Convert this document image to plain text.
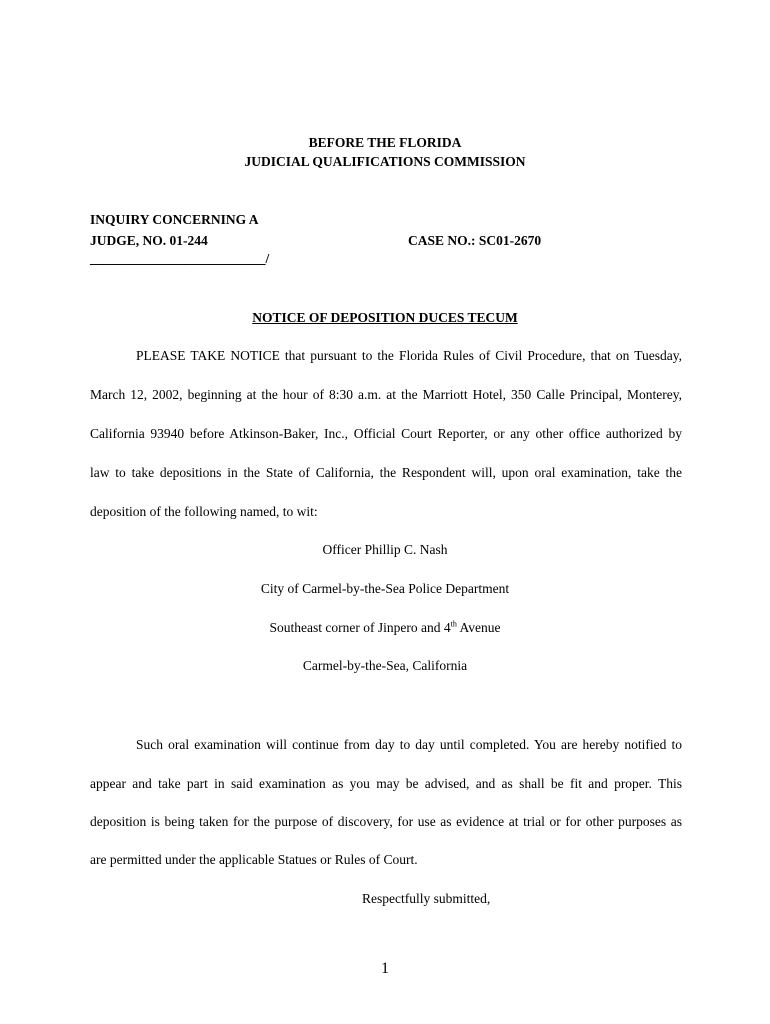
BEFORE THE FLORIDA
JUDICIAL QUALIFICATIONS COMMISSION
INQUIRY CONCERNING A
JUDGE, NO. 01-244	CASE NO.: SC01-2670
__________________________/
NOTICE OF DEPOSITION DUCES TECUM
PLEASE TAKE NOTICE that pursuant to the Florida Rules of Civil Procedure, that on Tuesday,
March 12, 2002, beginning at the hour of 8:30 a.m. at the Marriott Hotel, 350 Calle Principal, Monterey,
California 93940 before Atkinson-Baker, Inc., Official Court Reporter, or any other office authorized by
law to take depositions in the State of California, the Respondent will, upon oral examination, take the
deposition of the following named, to wit:
Officer Phillip C. Nash
City of Carmel-by-the-Sea Police Department
Southeast corner of Jinpero and 4th Avenue
Carmel-by-the-Sea, California
Such oral examination will continue from day to day until completed. You are hereby notified to
appear and take part in said examination as you may be advised, and as shall be fit and proper. This
deposition is being taken for the purpose of discovery, for use as evidence at trial or for other purposes as
are permitted under the applicable Statues or Rules of Court.
Respectfully submitted,
1
